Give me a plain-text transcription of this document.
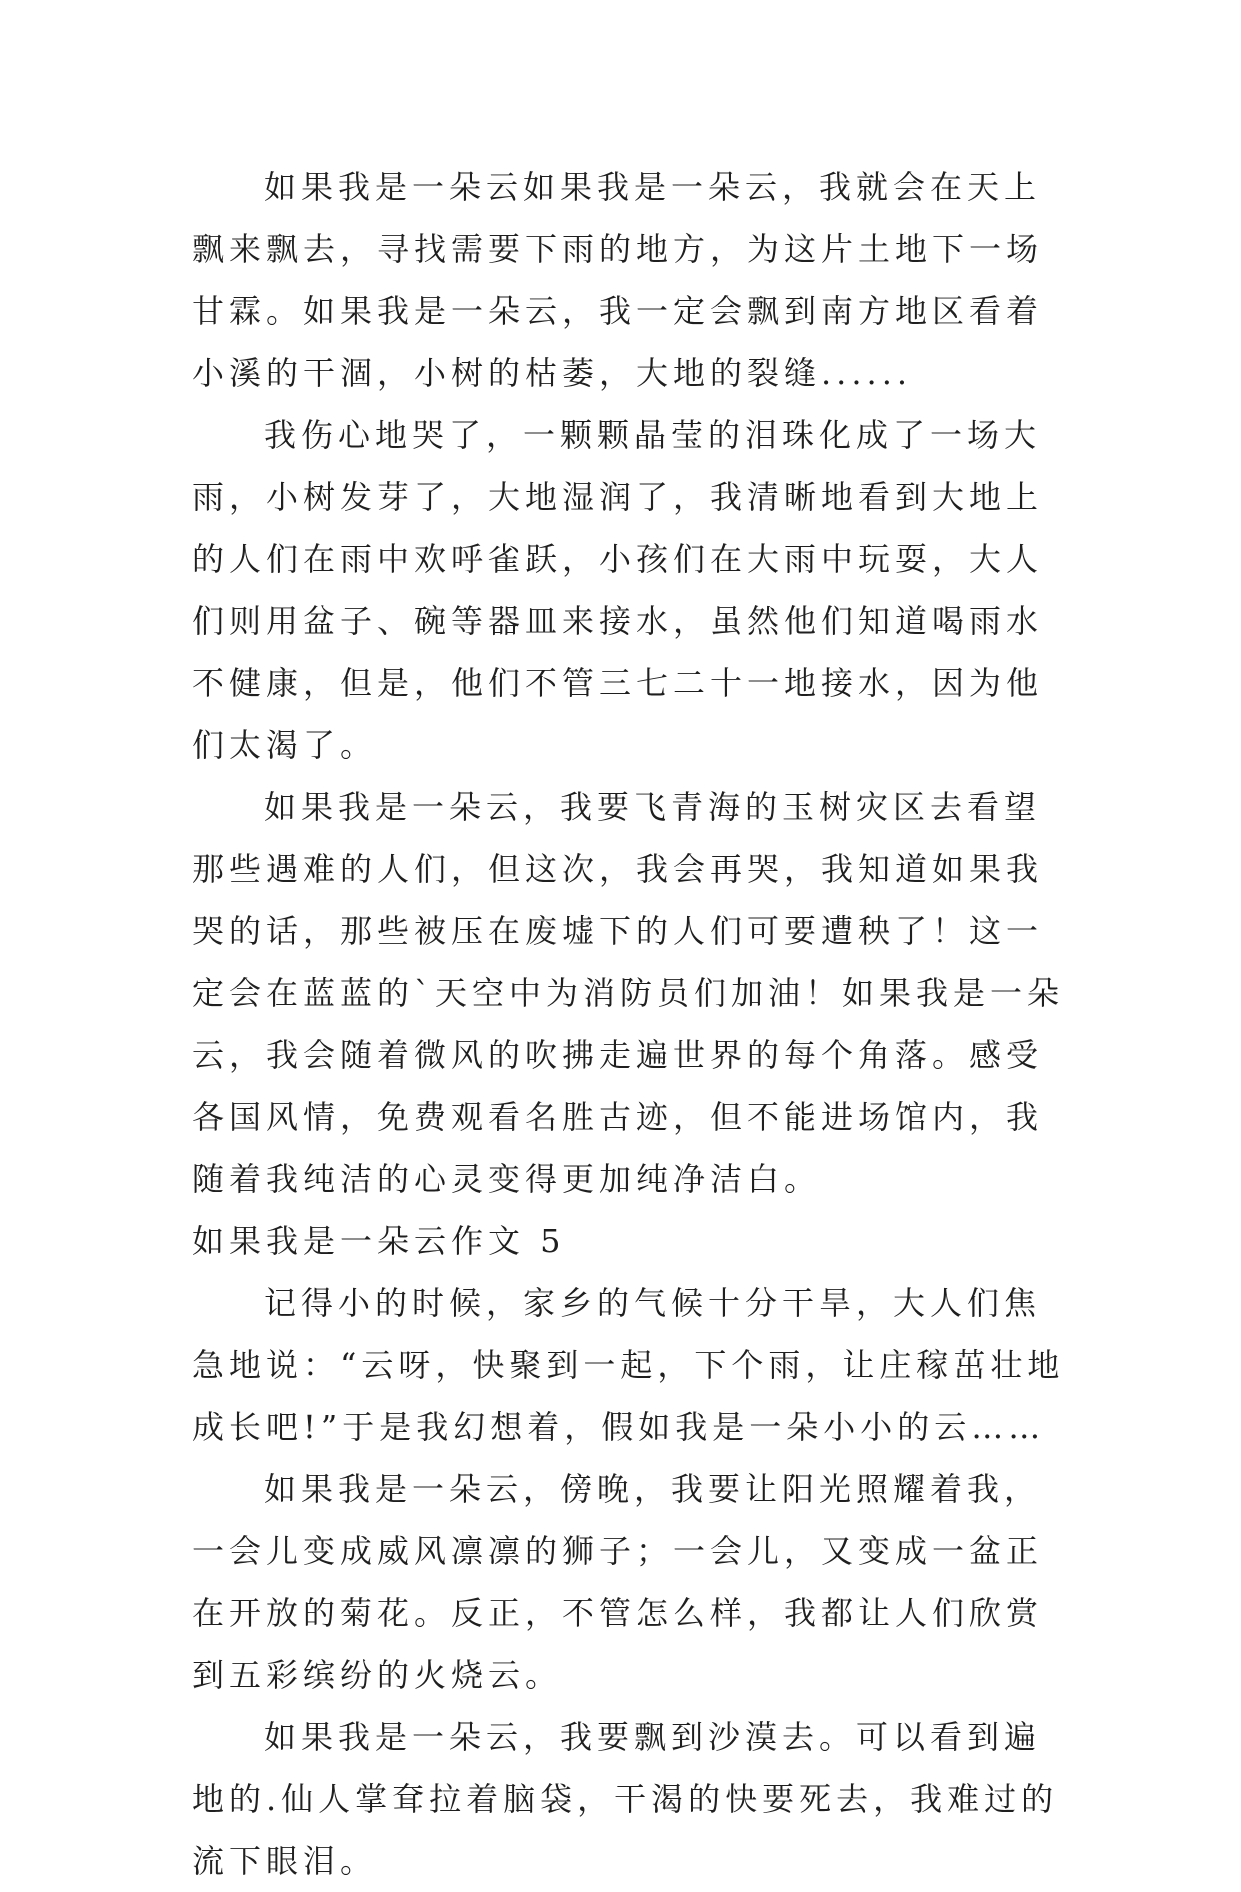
如果我是一朵云如果我是一朵云，我就会在天上飘来飘去，寻找需要下雨的地方，为这片土地下一场甘霖。如果我是一朵云，我一定会飘到南方地区看着小溪的干涸，小树的枯萎，大地的裂缝......

我伤心地哭了，一颗颗晶莹的泪珠化成了一场大雨，小树发芽了，大地湿润了，我清晰地看到大地上的人们在雨中欢呼雀跃，小孩们在大雨中玩耍，大人们则用盆子、碗等器皿来接水，虽然他们知道喝雨水不健康，但是，他们不管三七二十一地接水，因为他们太渴了。

如果我是一朵云，我要飞青海的玉树灾区去看望那些遇难的人们，但这次，我会再哭，我知道如果我哭的话，那些被压在废墟下的人们可要遭秧了！这一定会在蓝蓝的`天空中为消防员们加油！如果我是一朵云，我会随着微风的吹拂走遍世界的每个角落。感受各国风情，免费观看名胜古迹，但不能进场馆内，我随着我纯洁的心灵变得更加纯净洁白。

如果我是一朵云作文 5

记得小的时候，家乡的气候十分干旱，大人们焦急地说：“云呀，快聚到一起，下个雨，让庄稼茁壮地成长吧!”于是我幻想着，假如我是一朵小小的云……

如果我是一朵云，傍晚，我要让阳光照耀着我，一会儿变成威风凛凛的狮子；一会儿，又变成一盆正在开放的菊花。反正，不管怎么样，我都让人们欣赏到五彩缤纷的火烧云。

如果我是一朵云，我要飘到沙漠去。可以看到遍地的.仙人掌耷拉着脑袋，干渴的快要死去，我难过的流下眼泪。
